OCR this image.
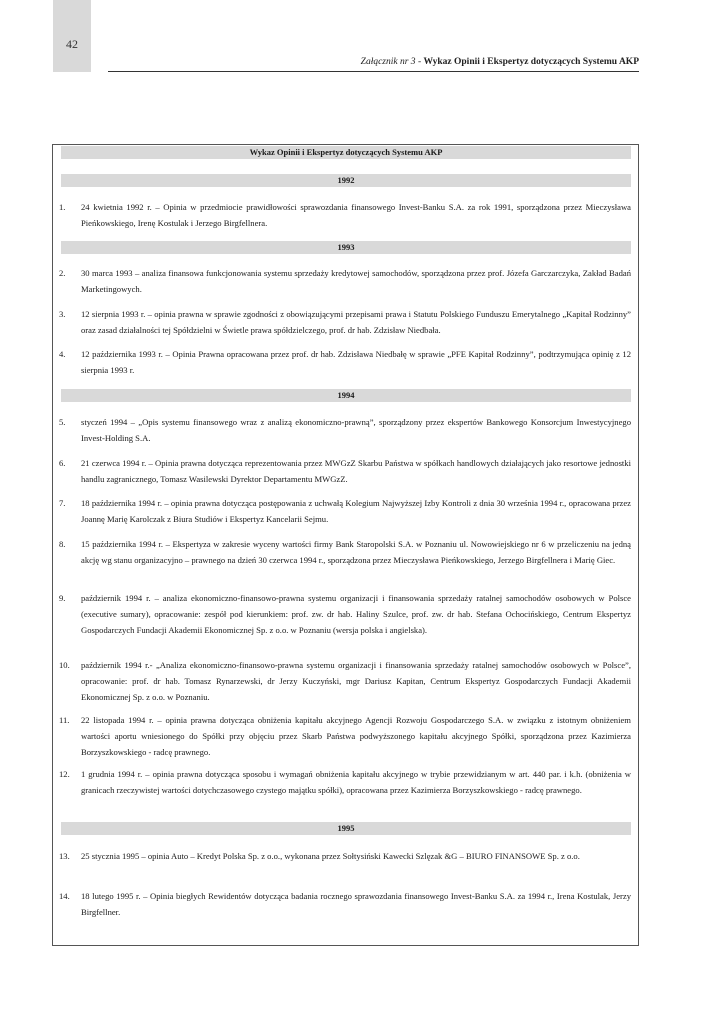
42
Załącznik nr 3 - Wykaz Opinii i Ekspertyz dotyczących Systemu AKP
Wykaz Opinii i Ekspertyz dotyczących Systemu AKP
1992
1. 24 kwietnia 1992 r. – Opinia w przedmiocie prawidłowości sprawozdania finansowego Invest-Banku S.A. za rok 1991, sporządzona przez Mieczysława Pieńkowskiego, Irenę Kostulak i Jerzego Birgfellnera.
1993
2. 30 marca 1993 – analiza finansowa funkcjonowania systemu sprzedaży kredytowej samochodów, sporządzona przez prof. Józefa Garczarczyka, Zakład Badań Marketingowych.
3. 12 sierpnia 1993 r. – opinia prawna w sprawie zgodności z obowiązującymi przepisami prawa i Statutu Polskiego Funduszu Emerytalnego „Kapitał Rodzinny” oraz zasad działalności tej Spółdzielni w Świetle prawa spółdzielczego, prof. dr hab. Zdzisław Niedbała.
4. 12 października 1993 r. – Opinia Prawna opracowana przez prof. dr hab. Zdzisława Niedbałę w sprawie „PFE Kapitał Rodzinny”, podtrzymująca opinię z 12 sierpnia 1993 r.
1994
5. styczeń 1994 – „Opis systemu finansowego wraz z analizą ekonomiczno-prawną”, sporządzony przez ekspertów Bankowego Konsorcjum Inwestycyjnego Invest-Holding S.A.
6. 21 czerwca 1994 r. – Opinia prawna dotycząca reprezentowania przez MWGzZ Skarbu Państwa w spółkach handlowych działających jako resortowe jednostki handlu zagranicznego, Tomasz Wasilewski Dyrektor Departamentu MWGzZ.
7. 18 października 1994 r. – opinia prawna dotycząca postępowania z uchwałą Kolegium Najwyższej Izby Kontroli z dnia 30 września 1994 r., opracowana przez Joannę Marię Karolczak z Biura Studiów i Ekspertyz Kancelarii Sejmu.
8. 15 października 1994 r. – Ekspertyza w zakresie wyceny wartości firmy Bank Staropolski S.A. w Poznaniu ul. Nowowiejskiego nr 6 w przeliczeniu na jedną akcję wg stanu organizacyjno – prawnego na dzień 30 czerwca 1994 r., sporządzona przez Mieczysława Pieńkowskiego, Jerzego Birgfellnera i Marię Giec.
9. październik 1994 r. – analiza ekonomiczno-finansowo-prawna systemu organizacji i finansowania sprzedaży ratalnej samochodów osobowych w Polsce (executive sumary), opracowanie: zespół pod kierunkiem: prof. zw. dr hab. Haliny Szulce, prof. zw. dr hab. Stefana Ochocińskiego, Centrum Ekspertyz Gospodarczych Fundacji Akademii Ekonomicznej Sp. z o.o. w Poznaniu (wersja polska i angielska).
10. październik 1994 r.- „Analiza ekonomiczno-finansowo-prawna systemu organizacji i finansowania sprzedaży ratalnej samochodów osobowych w Polsce”, opracowanie: prof. dr hab. Tomasz Rynarzewski, dr Jerzy Kuczyński, mgr Dariusz Kapitan, Centrum Ekspertyz Gospodarczych Fundacji Akademii Ekonomicznej Sp. z o.o. w Poznaniu.
11. 22 listopada 1994 r. – opinia prawna dotycząca obniżenia kapitału akcyjnego Agencji Rozwoju Gospodarczego S.A. w związku z istotnym obniżeniem wartości aportu wniesionego do Spółki przy objęciu przez Skarb Państwa podwyższonego kapitału akcyjnego Spółki, sporządzona przez Kazimierza Borzyszkowskiego - radcę prawnego.
12. 1 grudnia 1994 r. – opinia prawna dotycząca sposobu i wymagań obniżenia kapitału akcyjnego w trybie przewidzianym w art. 440 par. i k.h. (obniżenia w granicach rzeczywistej wartości dotychczasowego czystego majątku spółki), opracowana przez Kazimierza Borzyszkowskiego - radcę prawnego.
1995
13. 25 stycznia 1995 – opinia Auto – Kredyt Polska Sp. z o.o., wykonana przez Sołtysiński Kawecki Szlęzak &G – BIURO FINANSOWE Sp. z o.o.
14. 18 lutego 1995 r. – Opinia biegłych Rewidentów dotycząca badania rocznego sprawozdania finansowego Invest-Banku S.A. za 1994 r., Irena Kostulak, Jerzy Birgfellner.
